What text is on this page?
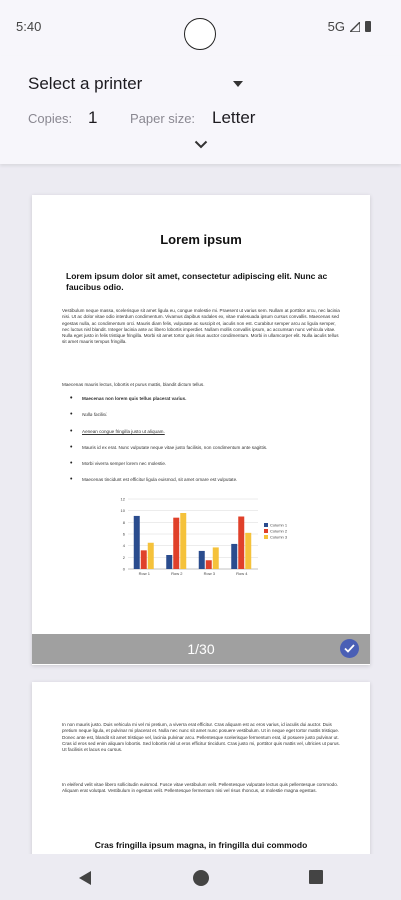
5:40	5G
Select a printer
Copies: 1	Paper size: Letter
Lorem ipsum
Lorem ipsum dolor sit amet, consectetur adipiscing elit. Nunc ac faucibus odio.
Vestibulum neque massa, scelerisque sit amet ligula eu, congue molestie mi. Praesent ut varius sem. Nullam at porttitor arcu, nec lacinia nisi. Ut ac dolor vitae odio interdum condimentum. Vivamus dapibus sodales ex, vitae malesuada ipsum cursus convallis. Maecenas sed egestas nulla, ac condimentum orci. Mauris diam felis, vulputate ac suscipit et, iaculis non est. Curabitur semper arcu ac ligula semper, nec luctus nisl blandit. Integer lacinia ante ac libero lobortis imperdiet. Nullam mollis convallis ipsum, ac accumsan nunc vehicula vitae. Nulla eget justo in felis tristique fringilla. Morbi sit amet tortor quis risus auctor condimentum. Morbi in ullamcorper elit. Nulla iaculis tellus sit amet mauris tempus fringilla.
Maecenas mauris lectus, lobortis et purus mattis, blandit dictum tellus.
• Maecenas non lorem quis tellus placerat varius.
• Nulla facilisi.
• Aenean congue fringilla justo ut aliquam.
• Mauris id ex erat. Nunc vulputate neque vitae justo facilisis, non condimentum ante sagittis.
• Morbi viverra semper lorem nec molestie.
• Maecenas tincidunt est efficitur ligula euismod, sit amet ornare est vulputate.
0
2
4
6
8
10
12
Row 1	Row 2	Row 3	Row 4
Column 1
Column 2
Column 3
1/30
In non mauris justo. Duis vehicula mi vel mi pretium, a viverra erat efficitur. Cras aliquam est ac eros varius, id iaculis dui auctor. Duis pretium neque ligula, et pulvinar mi placerat et. Nulla nec nunc sit amet nunc posuere vestibulum. Ut in neque eget tortor mattis tristique. Donec ante est, blandit sit amet tristique vel, lacinia pulvinar arcu. Pellentesque scelerisque fermentum erat, id posuere justo pulvinar ut. Cras id eros sed enim aliquam lobortis. Sed lobortis nisl ut eros efficitur tincidunt. Cras justo mi, porttitor quis mattis vel, ultricies ut purus. Ut facilisis et lacus eu cursus.
In eleifend velit vitae libero sollicitudin euismod. Fusce vitae vestibulum velit. Pellentesque vulputate lectus quis pellentesque commodo. Aliquam erat volutpat. Vestibulum in egestas velit. Pellentesque fermentum nisi vel risus rhoncus, ut molestie magna egestas.
Cras fringilla ipsum magna, in fringilla dui commodo
